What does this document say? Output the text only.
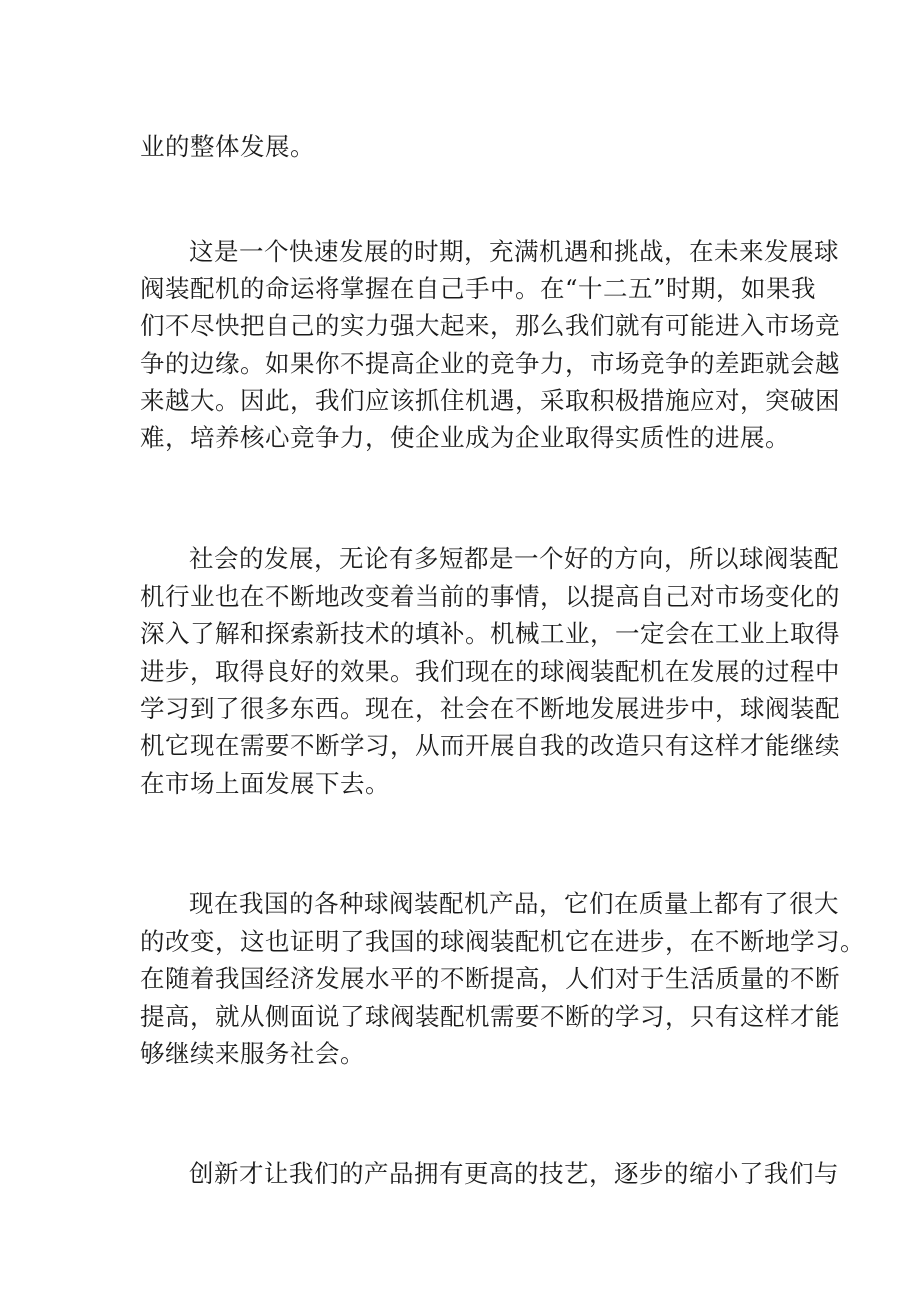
业的整体发展。
这是一个快速发展的时期，充满机遇和挑战，在未来发展球
阀装配机的命运将掌握在自己手中。在“十二五”时期，如果我
们不尽快把自己的实力强大起来，那么我们就有可能进入市场竞
争的边缘。如果你不提高企业的竞争力，市场竞争的差距就会越
来越大。因此，我们应该抓住机遇，采取积极措施应对，突破困
难，培养核心竞争力，使企业成为企业取得实质性的进展。
社会的发展，无论有多短都是一个好的方向，所以球阀装配
机行业也在不断地改变着当前的事情，以提高自己对市场变化的
深入了解和探索新技术的填补。机械工业，一定会在工业上取得
进步，取得良好的效果。我们现在的球阀装配机在发展的过程中
学习到了很多东西。现在，社会在不断地发展进步中，球阀装配
机它现在需要不断学习，从而开展自我的改造只有这样才能继续
在市场上面发展下去。
现在我国的各种球阀装配机产品，它们在质量上都有了很大
的改变，这也证明了我国的球阀装配机它在进步，在不断地学习。
在随着我国经济发展水平的不断提高，人们对于生活质量的不断
提高，就从侧面说了球阀装配机需要不断的学习，只有这样才能
够继续来服务社会。
创新才让我们的产品拥有更高的技艺，逐步的缩小了我们与
